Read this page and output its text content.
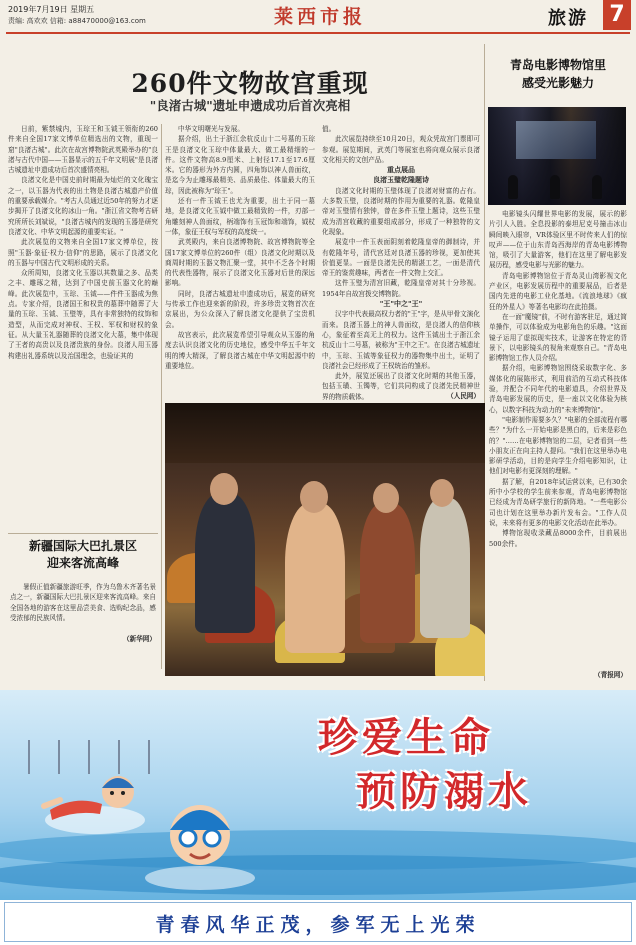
2019年7月19日 星期五
责编: 高欢欢 信箱: a88470000@163.com	莱西市报	旅游 7
260件文物故宫重现
"良渚古城"遗址申遗成功后首次亮相

日前，紫禁城内，玉琮王和玉钺王领衔的260件来自全国17家文博单位精选出的文物，重现一窟"良渚古城"。此次在故宫博物院武英殿举办的"良渚与古代中国——玉器显示的五千年文明展"是良渚古城遗址申遗成功后首次盛情亮相。

良渚文化是中国史前时期最为灿烂的文化瑰宝之一，以玉器为代表的出土物是良渚古城遗产价值的重要承载媒介。"考古人员通过近50年的努力才逐步揭开了良渚文化的冰山一角。"浙江省文物考古研究所所长刘斌说，"良渚古城内的发现的玉器是研究良渚文化、中华文明起源的重要实证。"

此次展览的文物来自全国17家文博单位，按照"玉器·象征·权力·信仰"的思路，展示了良渚文化的玉器与中国古代文明形成的关系。

众所周知，良渚文化玉器以其数量之多、品类之丰、雕琢之精，达到了中国史前玉器文化的巅峰。此次展览中，玉琮、玉钺——件件玉器成为焦点。专家介绍，良渚国王和权贵的墓葬中随葬了大量的玉琮、玉钺、玉璧等，具有非常独特的纹饰和造型，从而完成对神权、王权、军权和财权的象征。从大量玉礼器随葬的良渚文化大墓，集中体现了王者的高贵以及良渚贵族的身份。良渚人用玉器构建出礼器系统以及治国理念，也验证其的

中华文明曙光与发展。

据介绍，出土于浙江余杭反山十二号墓的玉琮王是良渚文化玉琮中体量最大、做工最精细的一件。这件文物高8.9厘米、上射径17.1至17.6厘米。它的器形为外方内圆，四角饰以神人兽面纹，是迄今为止雕琢最精美、品质最佳、体量最大的玉琮，因此被称为"琮王"。

还有一件玉钺王也尤为重要，出土于同一墓地，是良渚文化玉钺中做工最精致的一件，刃部一角雕刻神人兽面纹，柄端饰有玉冠饰和端饰，钺杖一体，象征王权与军权的高度统一。

武英殿内，来自良渚博物院、故宫博物院等全国17家文博单位的260件（组）良渚文化时期以及商周时期的玉器文物汇聚一堂，其中不乏各个时期的代表性器物，展示了良渚文化玉器对后世的深远影响。

同时，良渚古城遗址申遗成功后，展览的研究与传承工作也迎来新的阶段，许多珍贵文物首次在京展出，为公众深入了解良渚文化提供了宝贵机会。

故宫表示，此次展览希望引导观众从玉器的角度去认识良渚文化的历史地位，感受中华五千年文明的博大精深，了解良渚古城在中华文明起源中的重要地位。

值。

此次展览持续至10月20日，观众凭故宫门票即可参观。展览期间，武英门等展室也将向观众展示良渚文化相关的文创产品。

重点展品

良渚玉璧乾隆题诗

良渚文化时期的玉璧体现了良渚对财富的占有。大多数玉璧，良渚时期的作用为重要的礼器。乾隆皇帝对玉璧情有独钟，曾在多件玉璧上题诗，这些玉璧成为清宫收藏的重要组成部分，形成了一种独特的文化现象。

展览中一件玉表面阴刻着乾隆皇帝的御制诗，并有乾隆年号，清代宫廷对良渚玉器的珍视，更加使其价值更显。一面是良渚先民的精湛工艺，一面是清代帝王的鉴赏趣味，两者在一件文物上交汇。

这件玉璧为清宫旧藏，乾隆皇帝对其十分珍视。1954年自故宫拨交博物院。

"王"中之"王"

汉字中代表最高权力者的"王"字，是从甲骨文演化而来。良渚玉器上的神人兽面纹，是良渚人的信仰核心，象征着至高无上的权力。这件玉钺出土于浙江余杭反山十二号墓，被称为"王中之王"。在良渚古城遗址中，玉琮、玉钺等象征权力的器物集中出土，证明了良渚社会已经形成了王权统治的雏形。

此外，展览还展出了良渚文化时期的其他玉器，包括玉璜、玉镯等，它们共同构成了良渚先民精神世界的物质载体。	（人民网）

青岛电影博物馆里
感受光影魅力

电影镜头闪耀世界电影的发展，展示的影片引人入胜。全息投影的泰坦尼克号撞击冰山瞬间映入眼帘，VR体验区里不时传来人们的惊叹声——位于山东青岛西海岸的青岛电影博物馆，吸引了大量游客，他们在这里了解电影发展历程，感受电影与光影的魅力。

青岛电影博物馆位于青岛灵山湾影视文化产业区，电影发展历程中的重要展品，后者是国内先进的电影工业化基地。《流浪地球》《疯狂的外星人》等著名电影均在此拍摄。

在一面"魔镜"前，不时有游客驻足，通过简单操作，可以体验成为电影角色的乐趣。"这面镜子运用了虚拟现实技术，让游客在特定的背景下，以电影镜头的视角来观察自己。"青岛电影博物馆工作人员介绍。

据介绍，电影博物馆围绕采取数字化、多媒体化的展陈形式，利用前沿的互动式科技体验，并配合不同年代的电影道具，介绍世界及青岛电影发展的历史，是一座以文化体验为核心，以数字科技为动力的"未来博物馆"。

"电影制作需要多久？"电影的全部流程有哪些？"为什么一开始电影是黑白的，后来是彩色的？"……在电影博物馆的二层，记者看到一些小朋友正在向主持人提问。"我们在这里举办电影研学活动，目的是向学生介绍电影知识，让他们对电影有更深刻的理解。"

据了解，自2018年试运营以来，已有30余所中小学校的学生前来参观，青岛电影博物馆已经成为青岛研学旅行的新阵地。"一些电影公司也计划在这里举办新片发布会。"工作人员说，未来将有更多的电影文化活动在此举办。

博物馆现收录藏品8000余件，目前展出500余件。

（青报网）

新疆国际大巴扎景区
迎来客流高峰

暑假正值新疆旅游旺季，作为乌鲁木齐著名景点之一，新疆国际大巴扎景区迎来客流高峰。来自全国各地的游客在这里品尝美食、选购纪念品，感受浓郁的民族风情。

（新华网）

珍爱生命
预防溺水
青春风华正茂，参军无上光荣
